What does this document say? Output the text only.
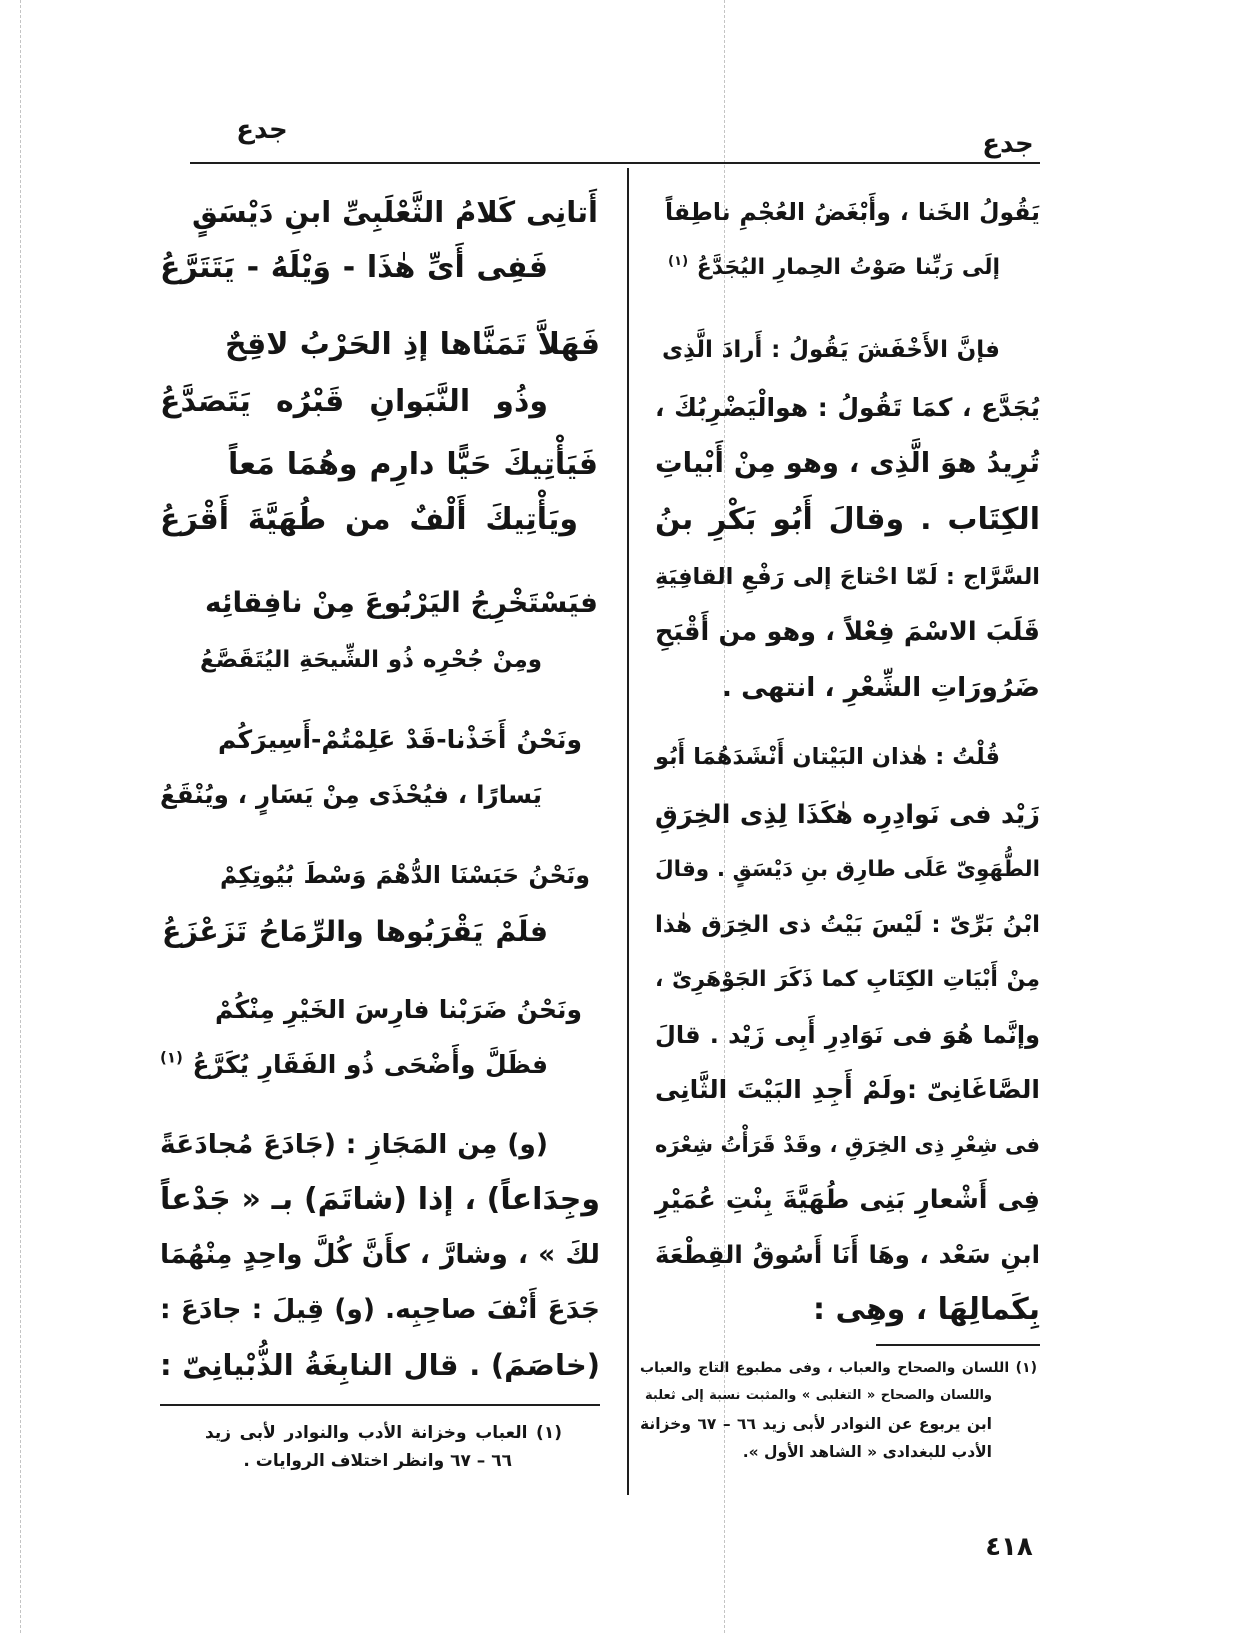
جدع	جدع
يَقُولُ الخَنا ، وأَبْغَضُ العُجْمِ ناطِقاً
إلَى رَبِّنا صَوْتُ الحِمارِ اليُجَدَّعُ $^{(١)}$
فإنَّ الأَخْفَشَ يَقُولُ : أَرادَ الَّذِى
يُجَدَّع ، كمَا تَقُولُ : هوالْيَضْرِبُكَ ،
تُرِيدُ هوَ الَّذِى ، وهو مِنْ أَبْياتِ
الكِتَاب . وقالَ أَبُو بَكْرِ بنُ
السَّرَّاج : لَمّا احْتاجَ إلى رَفْعِ القافِيَةِ
قَلَبَ الاسْمَ فِعْلاً ، وهو من أَقْبَحِ
ضَرُورَاتِ الشِّعْرِ ، انتهى .
قُلْتُ : هٰذان البَيْتان أَنْشَدَهُمَا أَبُو
زَيْد فى نَوادِرِه هٰكَذَا لِذِى الخِرَقِ
الطُّهَوِىّ عَلَى طارِق بنِ دَيْسَقٍ . وقالَ
ابْنُ بَرِّىّ : لَيْسَ بَيْتُ ذى الخِرَق هٰذا
مِنْ أَبْيَاتِ الكِتَابِ كما ذَكَرَ الجَوْهَرِىّ ،
وإنَّما هُوَ فى نَوَادِرِ أَبِى زَيْد . قالَ
الصَّاغَانِىّ :ولَمْ أَجِدِ البَيْتَ الثَّانِى
فى شِعْرِ ذِى الخِرَقِ ، وقَدْ قَرَأْتُ شِعْرَه
فِى أَشْعارِ بَنِى طُهَيَّةَ بِنْتِ عُمَيْرِ
ابنِ سَعْد ، وهَا أَنَا أَسُوقُ القِطْعَةَ
بِكَمالِهَا ، وهِى :
(١) اللسان والصحاح والعباب ، وفى مطبوع التاج والعباب
واللسان والصحاح « التغلبى » والمثبت نسبة إلى ثعلبة
ابن يربوع عن النوادر لأبى زيد ٦٦ – ٦٧ وخزانة
الأدب للبغدادى « الشاهد الأول ».
أَتانِى كَلامُ الثَّعْلَبِىِّ ابنِ دَيْسَقٍ
فَفِى أَىِّ هٰذَا - وَيْلَهُ - يَتَتَرَّعُ
فَهَلاَّ تَمَنَّاها إذِ الحَرْبُ لاقِحٌ
وذُو النَّبَوانِ قَبْرُه يَتَصَدَّعُ
فَيَأْتِيكَ حَيًّا دارِم وهُمَا مَعاً
ويَأْتِيكَ أَلْفٌ من طُهَيَّةَ أَقْرَعُ
فيَسْتَخْرِجُ اليَرْبُوعَ مِنْ نافِقائِه
ومِنْ جُحْرِه ذُو الشِّيحَةِ اليُتَقَصَّعُ
ونَحْنُ أَخَذْنا-قَدْ عَلِمْتُمْ-أَسِيرَكُم
يَسارًا ، فيُحْذَى مِنْ يَسَارٍ ، ويُنْقَعُ
ونَحْنُ حَبَسْنَا الدُّهْمَ وَسْطَ بُيُوتِكِمْ
فلَمْ يَقْرَبُوها والرِّمَاحُ تَزَعْزَعُ
ونَحْنُ ضَرَبْنا فارِسَ الخَيْرِ مِنْكُمْ
فظَلَّ وأَضْحَى ذُو الفَقَارِ يُكَرَّعُ $^{(١)}$
(و) مِن المَجَازِ : (جَادَعَ مُجادَعَةً
وجِدَاعاً) ، إذا (شاتَمَ) بـ « جَدْعاً
لكَ » ، وشارَّ ، كأَنَّ كُلَّ واحِدٍ مِنْهُمَا
جَدَعَ أَنْفَ صاحِبِه. (و) قِيلَ : جادَعَ :
(خاصَمَ) . قال النابِغَةُ الذُّبْيانِىّ :
(١) العباب وخزانة الأدب والنوادر لأبى زيد
٦٦ – ٦٧ وانظر اختلاف الروايات .
٤١٨
